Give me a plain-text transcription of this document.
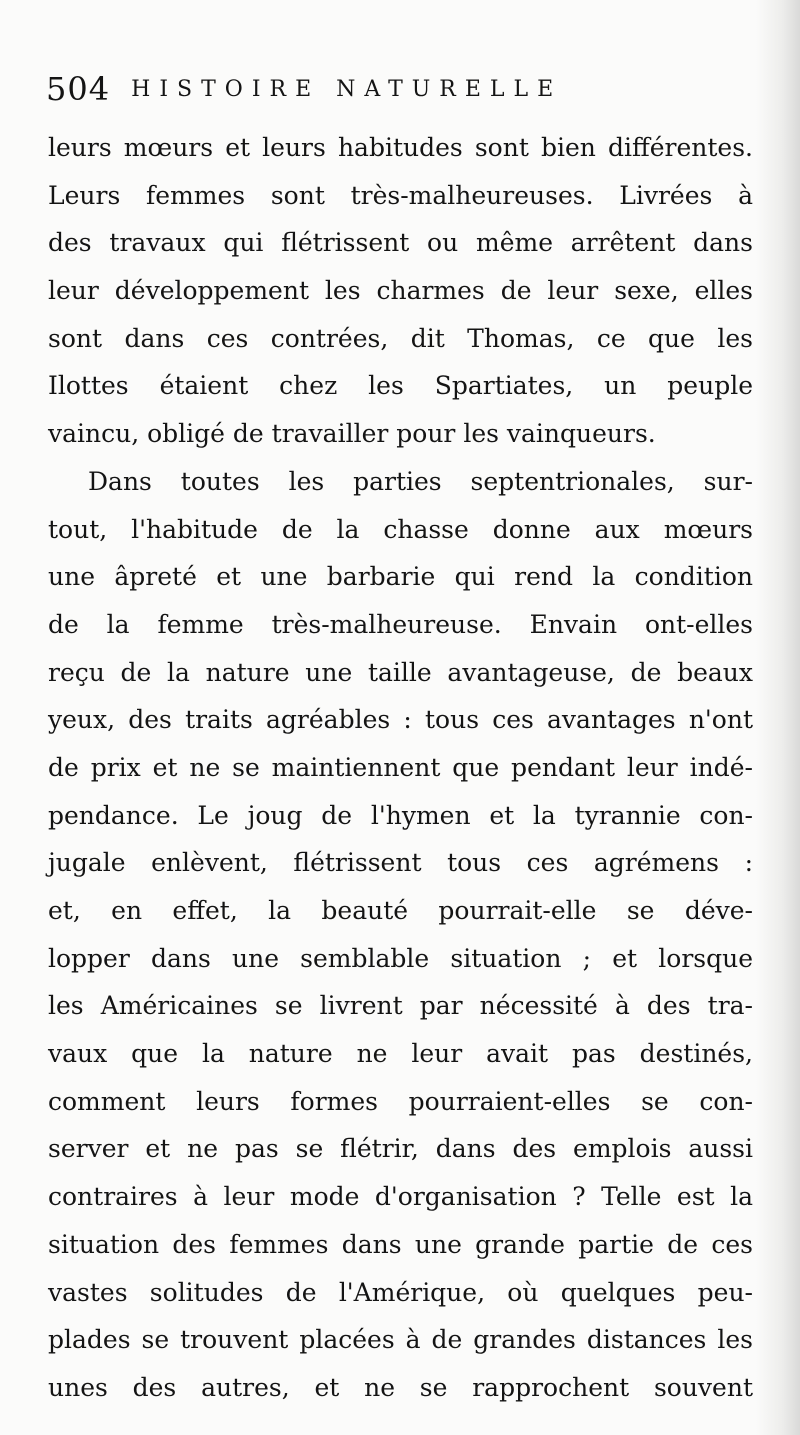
504 HISTOIRE NATURELLE
leurs mœurs et leurs habitudes sont bien différentes.
Leurs femmes sont très-malheureuses. Livrées à
des travaux qui flétrissent ou même arrêtent dans
leur développement les charmes de leur sexe, elles
sont dans ces contrées, dit Thomas, ce que les
Ilottes étaient chez les Spartiates, un peuple
vaincu, obligé de travailler pour les vainqueurs.
Dans toutes les parties septentrionales, sur-
tout, l'habitude de la chasse donne aux mœurs
une âpreté et une barbarie qui rend la condition
de la femme très-malheureuse. Envain ont-elles
reçu de la nature une taille avantageuse, de beaux
yeux, des traits agréables : tous ces avantages n'ont
de prix et ne se maintiennent que pendant leur indé-
pendance. Le joug de l'hymen et la tyrannie con-
jugale enlèvent, flétrissent tous ces agrémens :
et, en effet, la beauté pourrait-elle se déve-
lopper dans une semblable situation ; et lorsque
les Américaines se livrent par nécessité à des tra-
vaux que la nature ne leur avait pas destinés,
comment leurs formes pourraient-elles se con-
server et ne pas se flétrir, dans des emplois aussi
contraires à leur mode d'organisation ? Telle est la
situation des femmes dans une grande partie de ces
vastes solitudes de l'Amérique, où quelques peu-
plades se trouvent placées à de grandes distances les
unes des autres, et ne se rapprochent souvent
